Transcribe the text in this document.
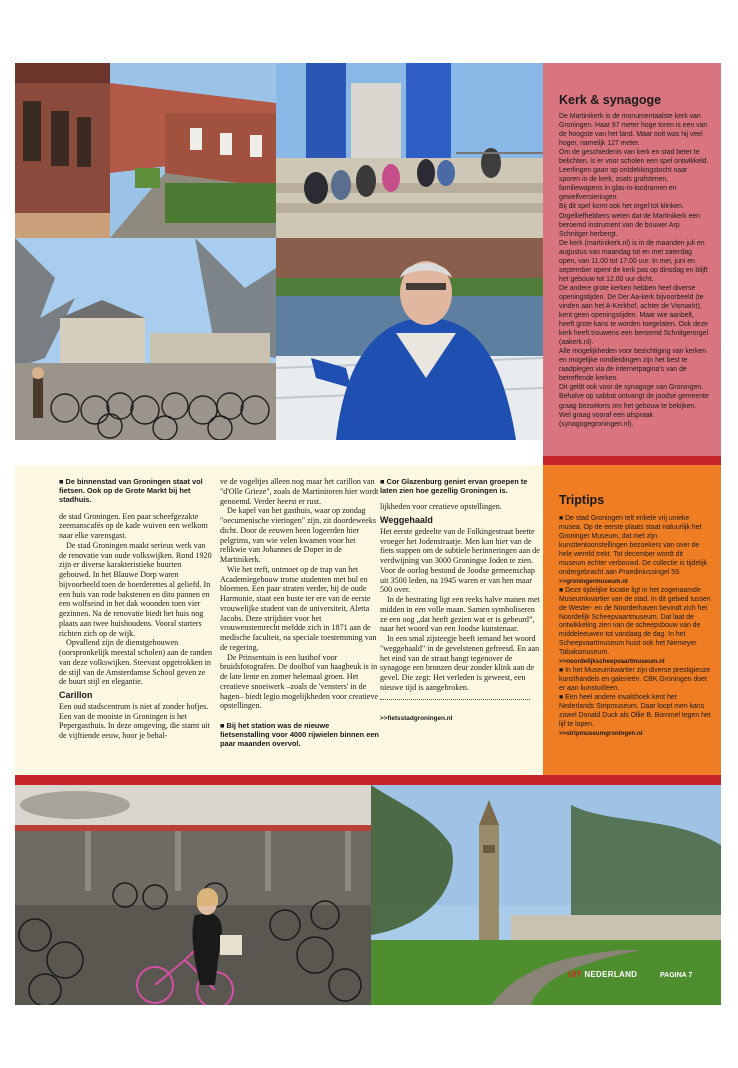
Kerk & synagoge

De Martinikerk is de monumentaalste kerk van Groningen. Haar 97 meter hoge toren is een van de hoogste van het land. Maar ooit was hij veel hoger, namelijk 127 meter.

Om de geschiedenis van kerk en stad beter te belichten, is er voor scholen een spel ontwikkeld. Leerlingen gaan op ontdekkingstocht naar sporen in de kerk, zoals grafstenen, familiewapens in glas-in-loodramen en gewelfversieringen.

Bij dit spel komt ook het orgel tot klinken. Orgelliefhebbers weten dat de Martinikerk een beroemd instrument van de bouwer Arp Schnitger herbergt.

De kerk (martinikerk.nl) is in de maanden juli en augustus van maandag tot en met zaterdag open, van 11.00 tot 17.00 uur. In mei, juni en september opent de kerk pas op dinsdag en blijft het gebouw tot 12.00 uur dicht.

De andere grote kerken hebben heel diverse openingstijden. De Der Aa-kerk bijvoorbeeld (te vinden aan het A-Kerkhof, achter de Vismarkt), kent geen openingstijden. Maar wie aanbelt, heeft grote kans te worden toegelaten. Ook deze kerk heeft trouwens een beroemd Schnitgerorgel (aakerk.nl).

Alle mogelijkheden voor bezichtiging van kerken en mogelijke rondleidingen zijn het best te raadplegen via de internetpagina's van de betreffende kerken.

Dit geldt ook voor de synagoge van Groningen. Behalve op sabbat ontvangt de joodse gemeente graag bezoekers om het gebouw te bekijken. Wel graag vooraf een afspraak (synagogegroningen.nl).

■ De binnenstad van Groningen staat vol fietsen. Ook op de Grote Markt bij het stadhuis.

de stad Groningen. Een paar scheefgezakte zeemanscafés op de kade wuiven een welkom naar elke varensgast.

De stad Groningen maakt serieus werk van de renovatie van oude volkswijken. Rond 1920 zijn er diverse karakteristieke buurten gebouwd. In het Blauwe Dorp waren bijvoorbeeld toen de boerderettes al geliefd. In een huis van rode bakstenen en dito pannen en een wolfseind in het dak woonden toen vier gezinnen. Na de renovatie biedt het huis nog plaats aan twee huishoudens. Vooral starters richten zich op de wijk.

Opvallend zijn de dienstgebouwen (oorspronkelijk meestal scholen) aan de randen van deze volkswijken. Steevast opgetrokken in de stijl van de Amsterdamse School geven ze de buurt stijl en elegantie.

Carillon

Een oud stadscentrum is niet af zonder hofjes. Een van de mooiste in Groningen is het Pepergasthuis. In deze omgeving, die stamt uit de vijftiende eeuw, hoor je behal-

ve de vogeltjes alleen nog maar het carillon van "d'Olle Grieze", zoals de Martinitoren hier wordt genoemd. Verder heerst er rust.

De kapel van het gasthuis, waar op zondag "oecumenische vieringen" zijn, zit doordeweeks dicht. Door de eeuwen heen logeerden hier pelgrims, van wie velen kwamen voor het relikwie van Johannes de Doper in de Martinikerk.

Wie het treft, ontmoet op de trap van het Academiegebouw trotse studenten met bul en bloemen. Een paar straten verder, bij de oude Harmonie, staat een buste ter ere van de eerste vrouwelijke student van de universiteit, Aletta Jacobs. Deze strijdster voor het vrouwenstemrecht meldde zich in 1871 aan de medische faculteit, na speciale toestemming van de regering.

De Prinsentuin is een lusthof voor bruidsfotografen. De doolhof van haagbeuk is in de late lente en zomer helemaal groen. Het creatieve snoeiwerk –zoals de 'vensters' in de hagen– biedt legio mogelijkheden voor creatieve opstellingen.

■ Bij het station was de nieuwe fietsenstalling voor 4000 rijwielen binnen een paar maanden overvol.
■ Cor Glazenburg geniet ervan groepen te laten zien hoe gezellig Groningen is.

lijkheden voor creatieve opstellingen.

Weggehaald

Het eerste gedeelte van de Folkingestraat heette vroeger het Jodenstraatje. Men kan hier van de fiets stappen om de subtiele herinneringen aan de verdwijning van 3000 Groningse Joden te zien. Voor de oorlog bestond de Joodse gemeenschap uit 3500 leden, na 1945 waren er van hen maar 500 over.

In de bestrating ligt een reeks halve manen met midden in een volle maan. Samen symboliseren ze een oog „dat heeft gezien wat er is gebeurd”, naar het woord van een Joodse kunstenaar.

In een smal zijsteegje heeft iemand het woord "weggehaald" in de gevelstenen gefreesd. En aan het eind van de straat hangt tegenover de synagoge een bronzen deur zonder klink aan de gevel. Die zegt: Het verleden is geweest, een nieuwe tijd is aangebroken.

>>fietsstadgroningen.nl
Triptips
■ De stad Groningen telt enkele vrij unieke musea. Op de eerste plaats staat natuurlijk het Groninger Museum, dat met zijn kunsttentoonstellingen bezoekers van over de hele wereld trekt. Tot december wordt dit museum echter verbouwd. De collectie is tijdelijk ondergebracht aan Praediniussingel 59.
>>groningermuseum.nl
■ Deze tijdelijke locatie ligt in het zogenaamde Museumkwartier van de stad. In dit gebied tussen de Wester- en de Noorderhaven bevindt zich het Noordelijk Scheepvaartmuseum. Dat laat de ontwikkeling zien van de scheepsbouw van de middeleeuwen tot vandaag de dag. In het Scheepvaartmuseum huist ook het Niemeyer Tabaksmuseum.
>>noordelijkscheepvaartmuseum.nl
■ In het Museumkwartier zijn diverse prestigieuze kunsthandels en galerieën. CBK Groningen doet er aan kunstuitleen.
■ Een heel andere invalshoek kent het Nederlands Stripmuseum. Daar loopt men kans zowel Donald Duck als Ollie B. Bommel tegen het lijf te lopen.
>>stripmuseumgroningen.nl
UIT NEDERLAND	PAGINA 7
